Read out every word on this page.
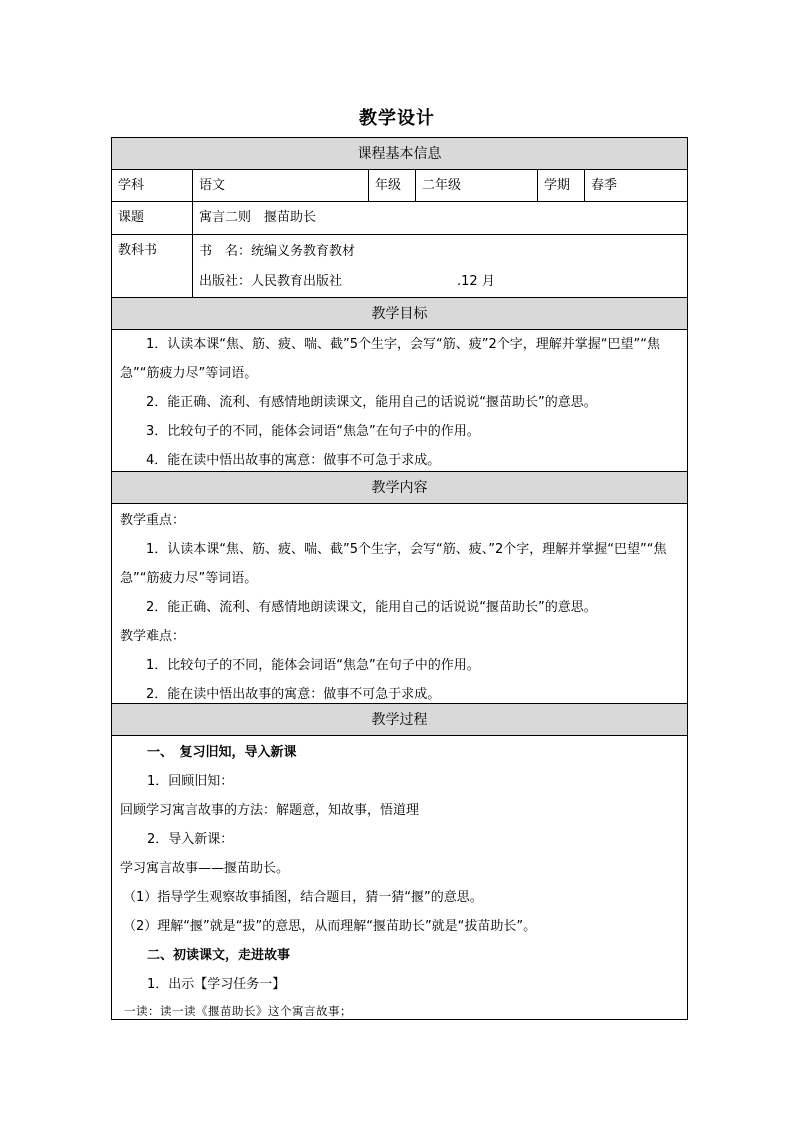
教学设计
课程基本信息
学科	语文	年级	二年级	学期	春季
课题	寓言二则　揠苗助长
教科书	书　名：统编义务教育教材
出版社：人民教育出版社	.12 月
教学目标

1．认读本课“焦、筋、疲、喘、截”5个生字，会写“筋、疲”2个字，理解并掌握“巴望”“焦急”“筋疲力尽”等词语。

2．能正确、流利、有感情地朗读课文，能用自己的话说说“揠苗助长”的意思。

3．比较句子的不同，能体会词语“焦急”在句子中的作用。

4．能在读中悟出故事的寓意：做事不可急于求成。

教学内容

教学重点：

1．认读本课“焦、筋、疲、喘、截”5个生字，会写“筋、疲、”2个字，理解并掌握“巴望”“焦急”“筋疲力尽”等词语。

2．能正确、流利、有感情地朗读课文，能用自己的话说说“揠苗助长”的意思。

教学难点：

1．比较句子的不同，能体会词语“焦急”在句子中的作用。

2．能在读中悟出故事的寓意：做事不可急于求成。

教学过程

一、　复习旧知，导入新课

1．回顾旧知：

回顾学习寓言故事的方法：解题意，知故事，悟道理

2．导入新课：

学习寓言故事——揠苗助长。

（1）指导学生观察故事插图，结合题目，猜一猜“揠”的意思。

（2）理解“揠”就是“拔”的意思，从而理解“揠苗助长”就是“拔苗助长”。

二、初读课文，走进故事

1．出示【学习任务一】

一读：读一读《揠苗助长》这个寓言故事；
